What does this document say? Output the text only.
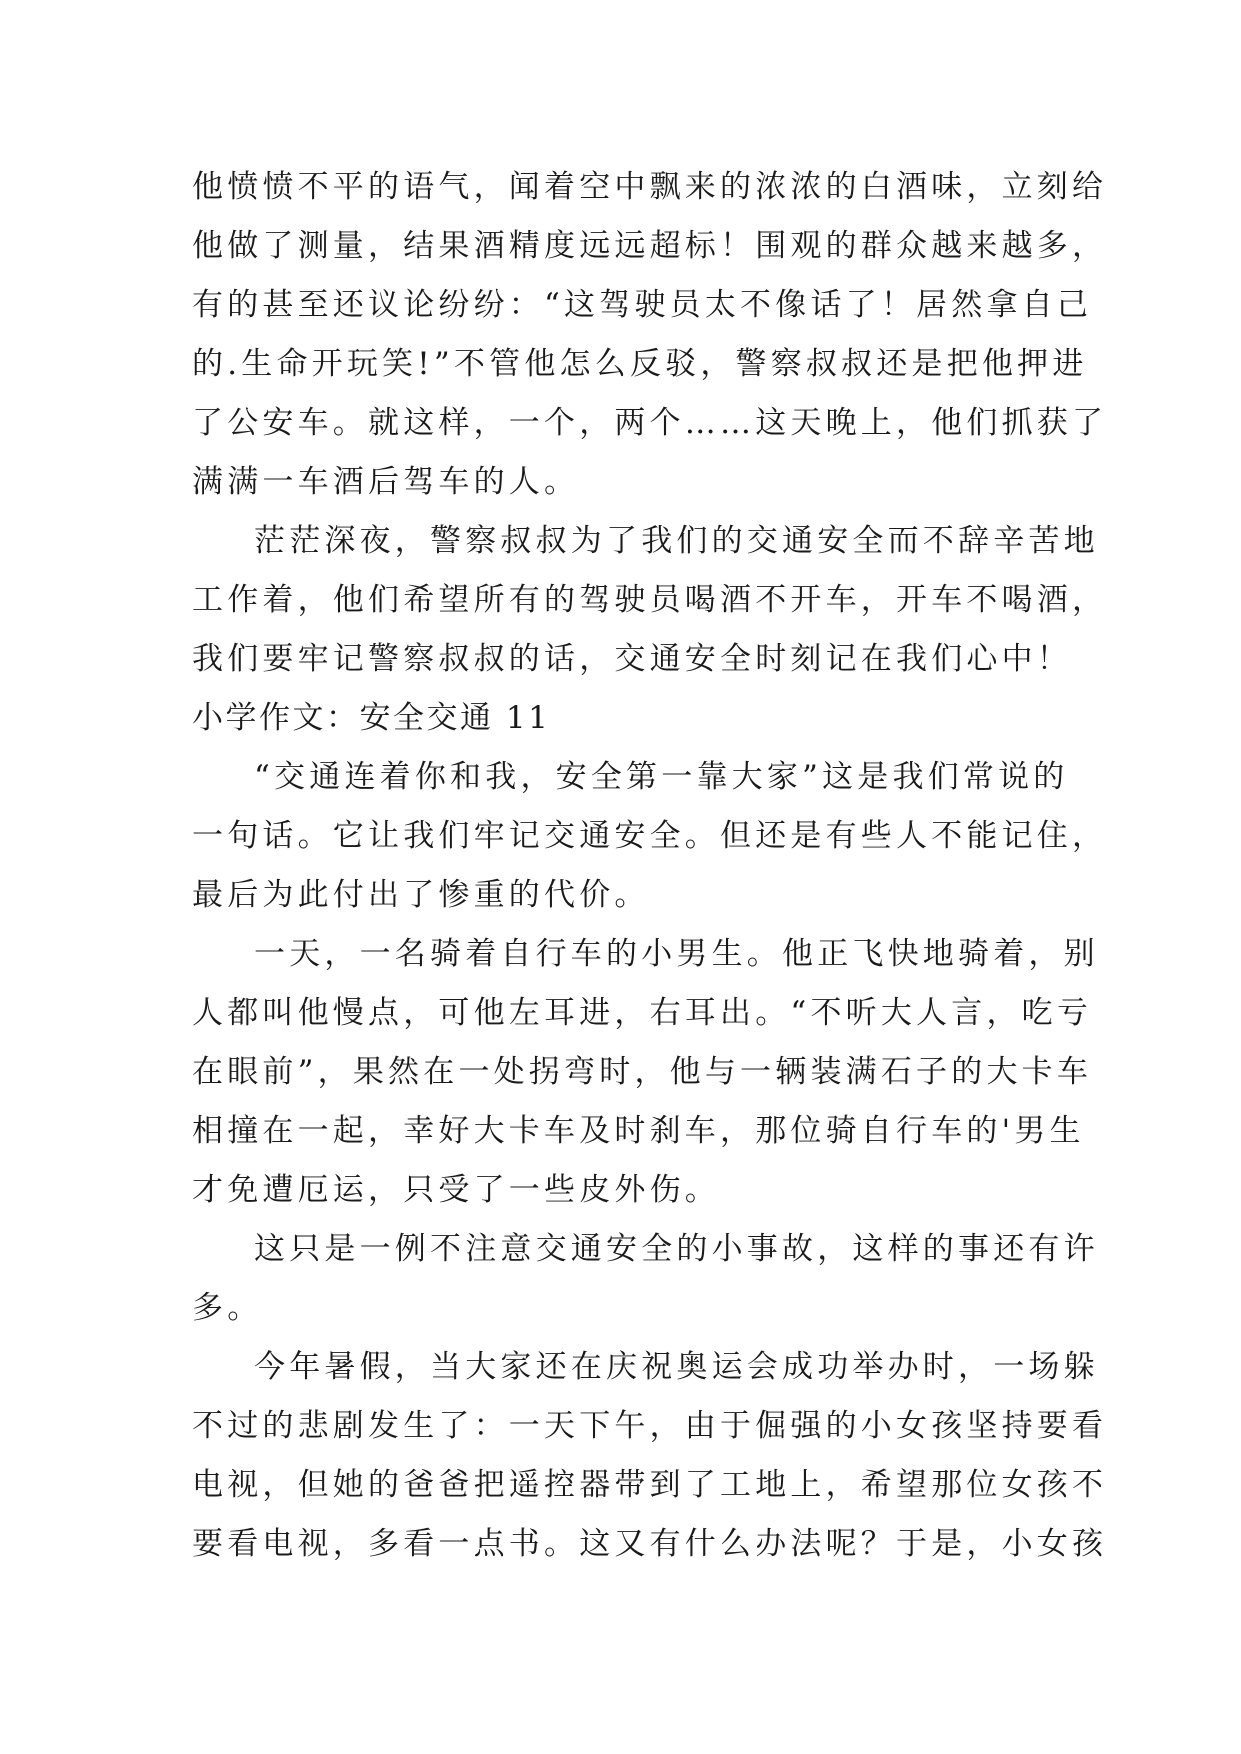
他愤愤不平的语气，闻着空中飘来的浓浓的白酒味，立刻给
他做了测量，结果酒精度远远超标！围观的群众越来越多，
有的甚至还议论纷纷：“这驾驶员太不像话了！居然拿自己
的.生命开玩笑!”不管他怎么反驳，警察叔叔还是把他押进
了公安车。就这样，一个，两个……这天晚上，他们抓获了
满满一车酒后驾车的人。
茫茫深夜，警察叔叔为了我们的交通安全而不辞辛苦地
工作着，他们希望所有的驾驶员喝酒不开车，开车不喝酒，
我们要牢记警察叔叔的话，交通安全时刻记在我们心中！
小学作文：安全交通 11
“交通连着你和我，安全第一靠大家”这是我们常说的
一句话。它让我们牢记交通安全。但还是有些人不能记住，
最后为此付出了惨重的代价。
一天，一名骑着自行车的小男生。他正飞快地骑着，别
人都叫他慢点，可他左耳进，右耳出。“不听大人言，吃亏
在眼前”，果然在一处拐弯时，他与一辆装满石子的大卡车
相撞在一起，幸好大卡车及时刹车，那位骑自行车的'男生
才免遭厄运，只受了一些皮外伤。
这只是一例不注意交通安全的小事故，这样的事还有许
多。
今年暑假，当大家还在庆祝奥运会成功举办时，一场躲
不过的悲剧发生了：一天下午，由于倔强的小女孩坚持要看
电视，但她的爸爸把遥控器带到了工地上，希望那位女孩不
要看电视，多看一点书。这又有什么办法呢？于是，小女孩
